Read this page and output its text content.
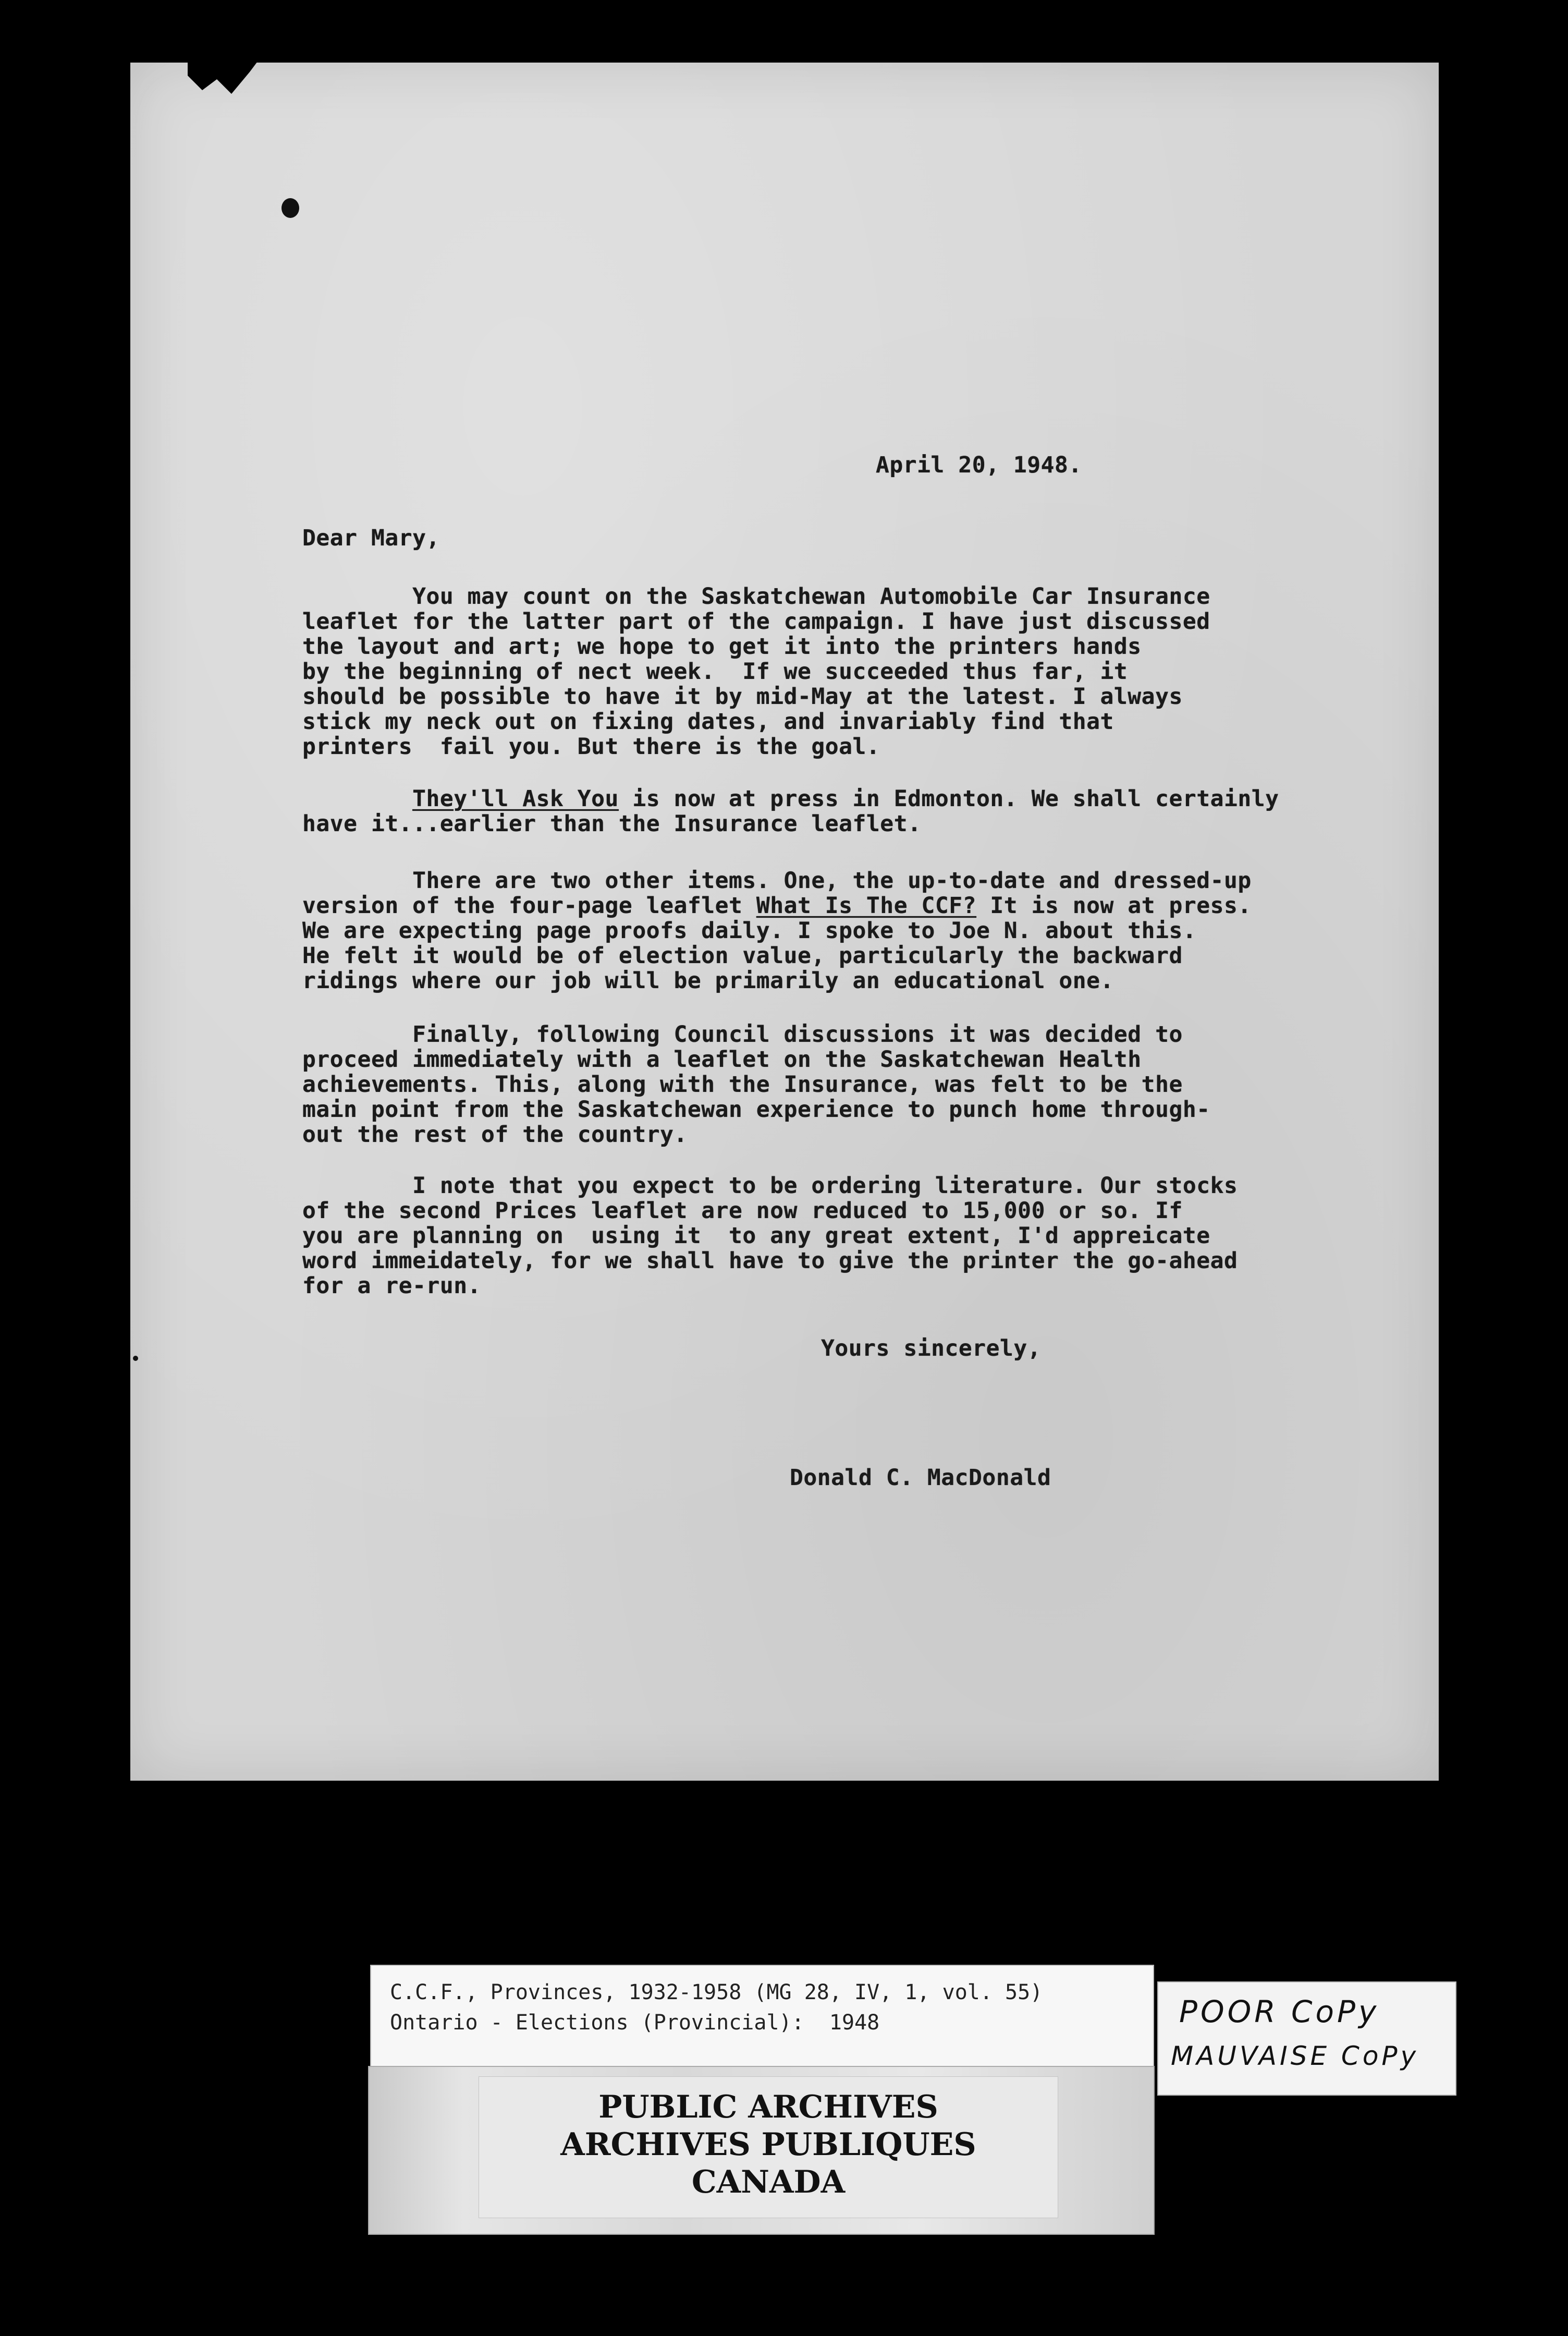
April 20, 1948.
Dear Mary,
You may count on the Saskatchewan Automobile Car Insurance
leaflet for the latter part of the campaign. I have just discussed
the layout and art; we hope to get it into the printers hands
by the beginning of nect week.  If we succeeded thus far, it
should be possible to have it by mid-May at the latest. I always
stick my neck out on fixing dates, and invariably find that
printers  fail you. But there is the goal.
They'll Ask You is now at press in Edmonton. We shall certainly
have it...earlier than the Insurance leaflet.
There are two other items. One, the up-to-date and dressed-up
version of the four-page leaflet What Is The CCF? It is now at press.
We are expecting page proofs daily. I spoke to Joe N. about this.
He felt it would be of election value, particularly the backward
ridings where our job will be primarily an educational one.
Finally, following Council discussions it was decided to
proceed immediately with a leaflet on the Saskatchewan Health
achievements. This, along with the Insurance, was felt to be the
main point from the Saskatchewan experience to punch home through-
out the rest of the country.
I note that you expect to be ordering literature. Our stocks
of the second Prices leaflet are now reduced to 15,000 or so. If
you are planning on  using it  to any great extent, I'd appreicate
word immeidately, for we shall have to give the printer the go-ahead
for a re-run.
Yours sincerely,
Donald C. MacDonald
C.C.F., Provinces, 1932-1958 (MG 28, IV, 1, vol. 55)
Ontario - Elections (Provincial):  1948
PUBLIC ARCHIVES
ARCHIVES PUBLIQUES
CANADA
POOR CoPy
MAUVAISE CoPy
